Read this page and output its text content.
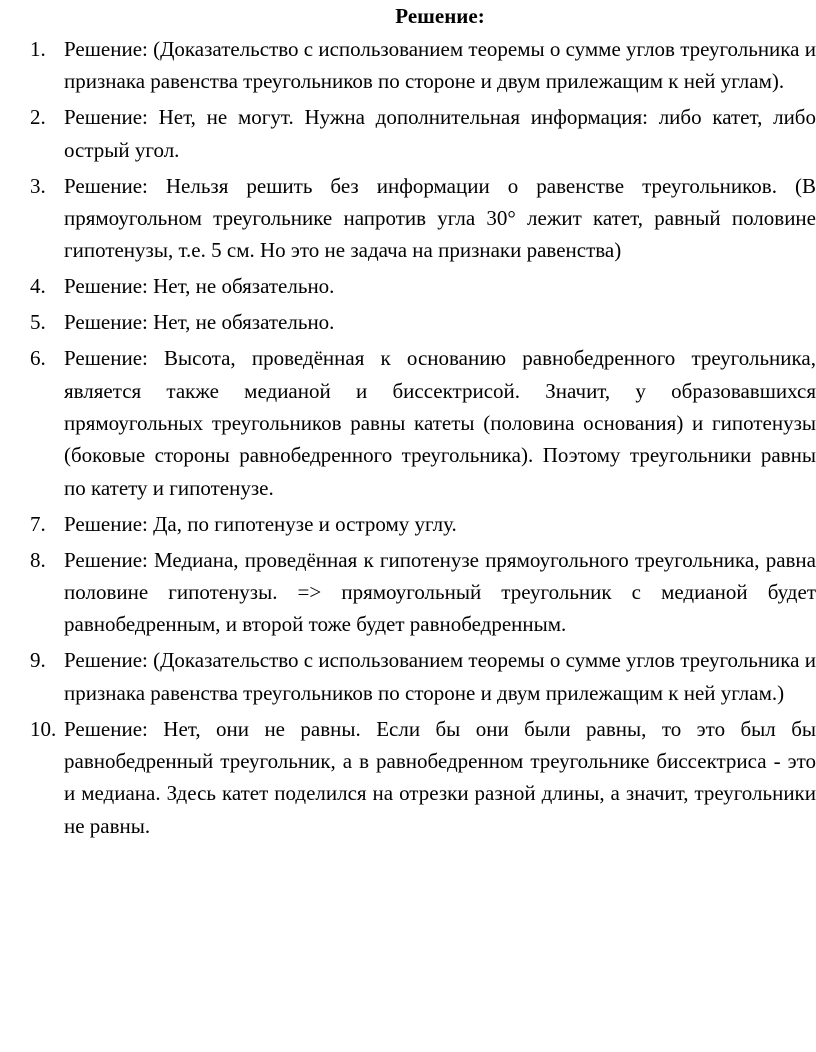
Решение:
1. Решение: (Доказательство с использованием теоремы о сумме углов треугольника и признака равенства треугольников по стороне и двум прилежащим к ней углам).
2. Решение: Нет, не могут. Нужна дополнительная информация: либо катет, либо острый угол.
3. Решение: Нельзя решить без информации о равенстве треугольников. (В прямоугольном треугольнике напротив угла 30° лежит катет, равный половине гипотенузы, т.е. 5 см. Но это не задача на признаки равенства)
4. Решение: Нет, не обязательно.
5. Решение: Нет, не обязательно.
6. Решение: Высота, проведённая к основанию равнобедренного треугольника, является также медианой и биссектрисой. Значит, у образовавшихся прямоугольных треугольников равны катеты (половина основания) и гипотенузы (боковые стороны равнобедренного треугольника). Поэтому треугольники равны по катету и гипотенузе.
7. Решение: Да, по гипотенузе и острому углу.
8. Решение: Медиана, проведённая к гипотенузе прямоугольного треугольника, равна половине гипотенузы. => прямоугольный треугольник с медианой будет равнобедренным, и второй тоже будет равнобедренным.
9. Решение: (Доказательство с использованием теоремы о сумме углов треугольника и признака равенства треугольников по стороне и двум прилежащим к ней углам.)
10. Решение: Нет, они не равны. Если бы они были равны, то это был бы равнобедренный треугольник, а в равнобедренном треугольнике биссектриса - это и медиана. Здесь катет поделился на отрезки разной длины, а значит, треугольники не равны.
